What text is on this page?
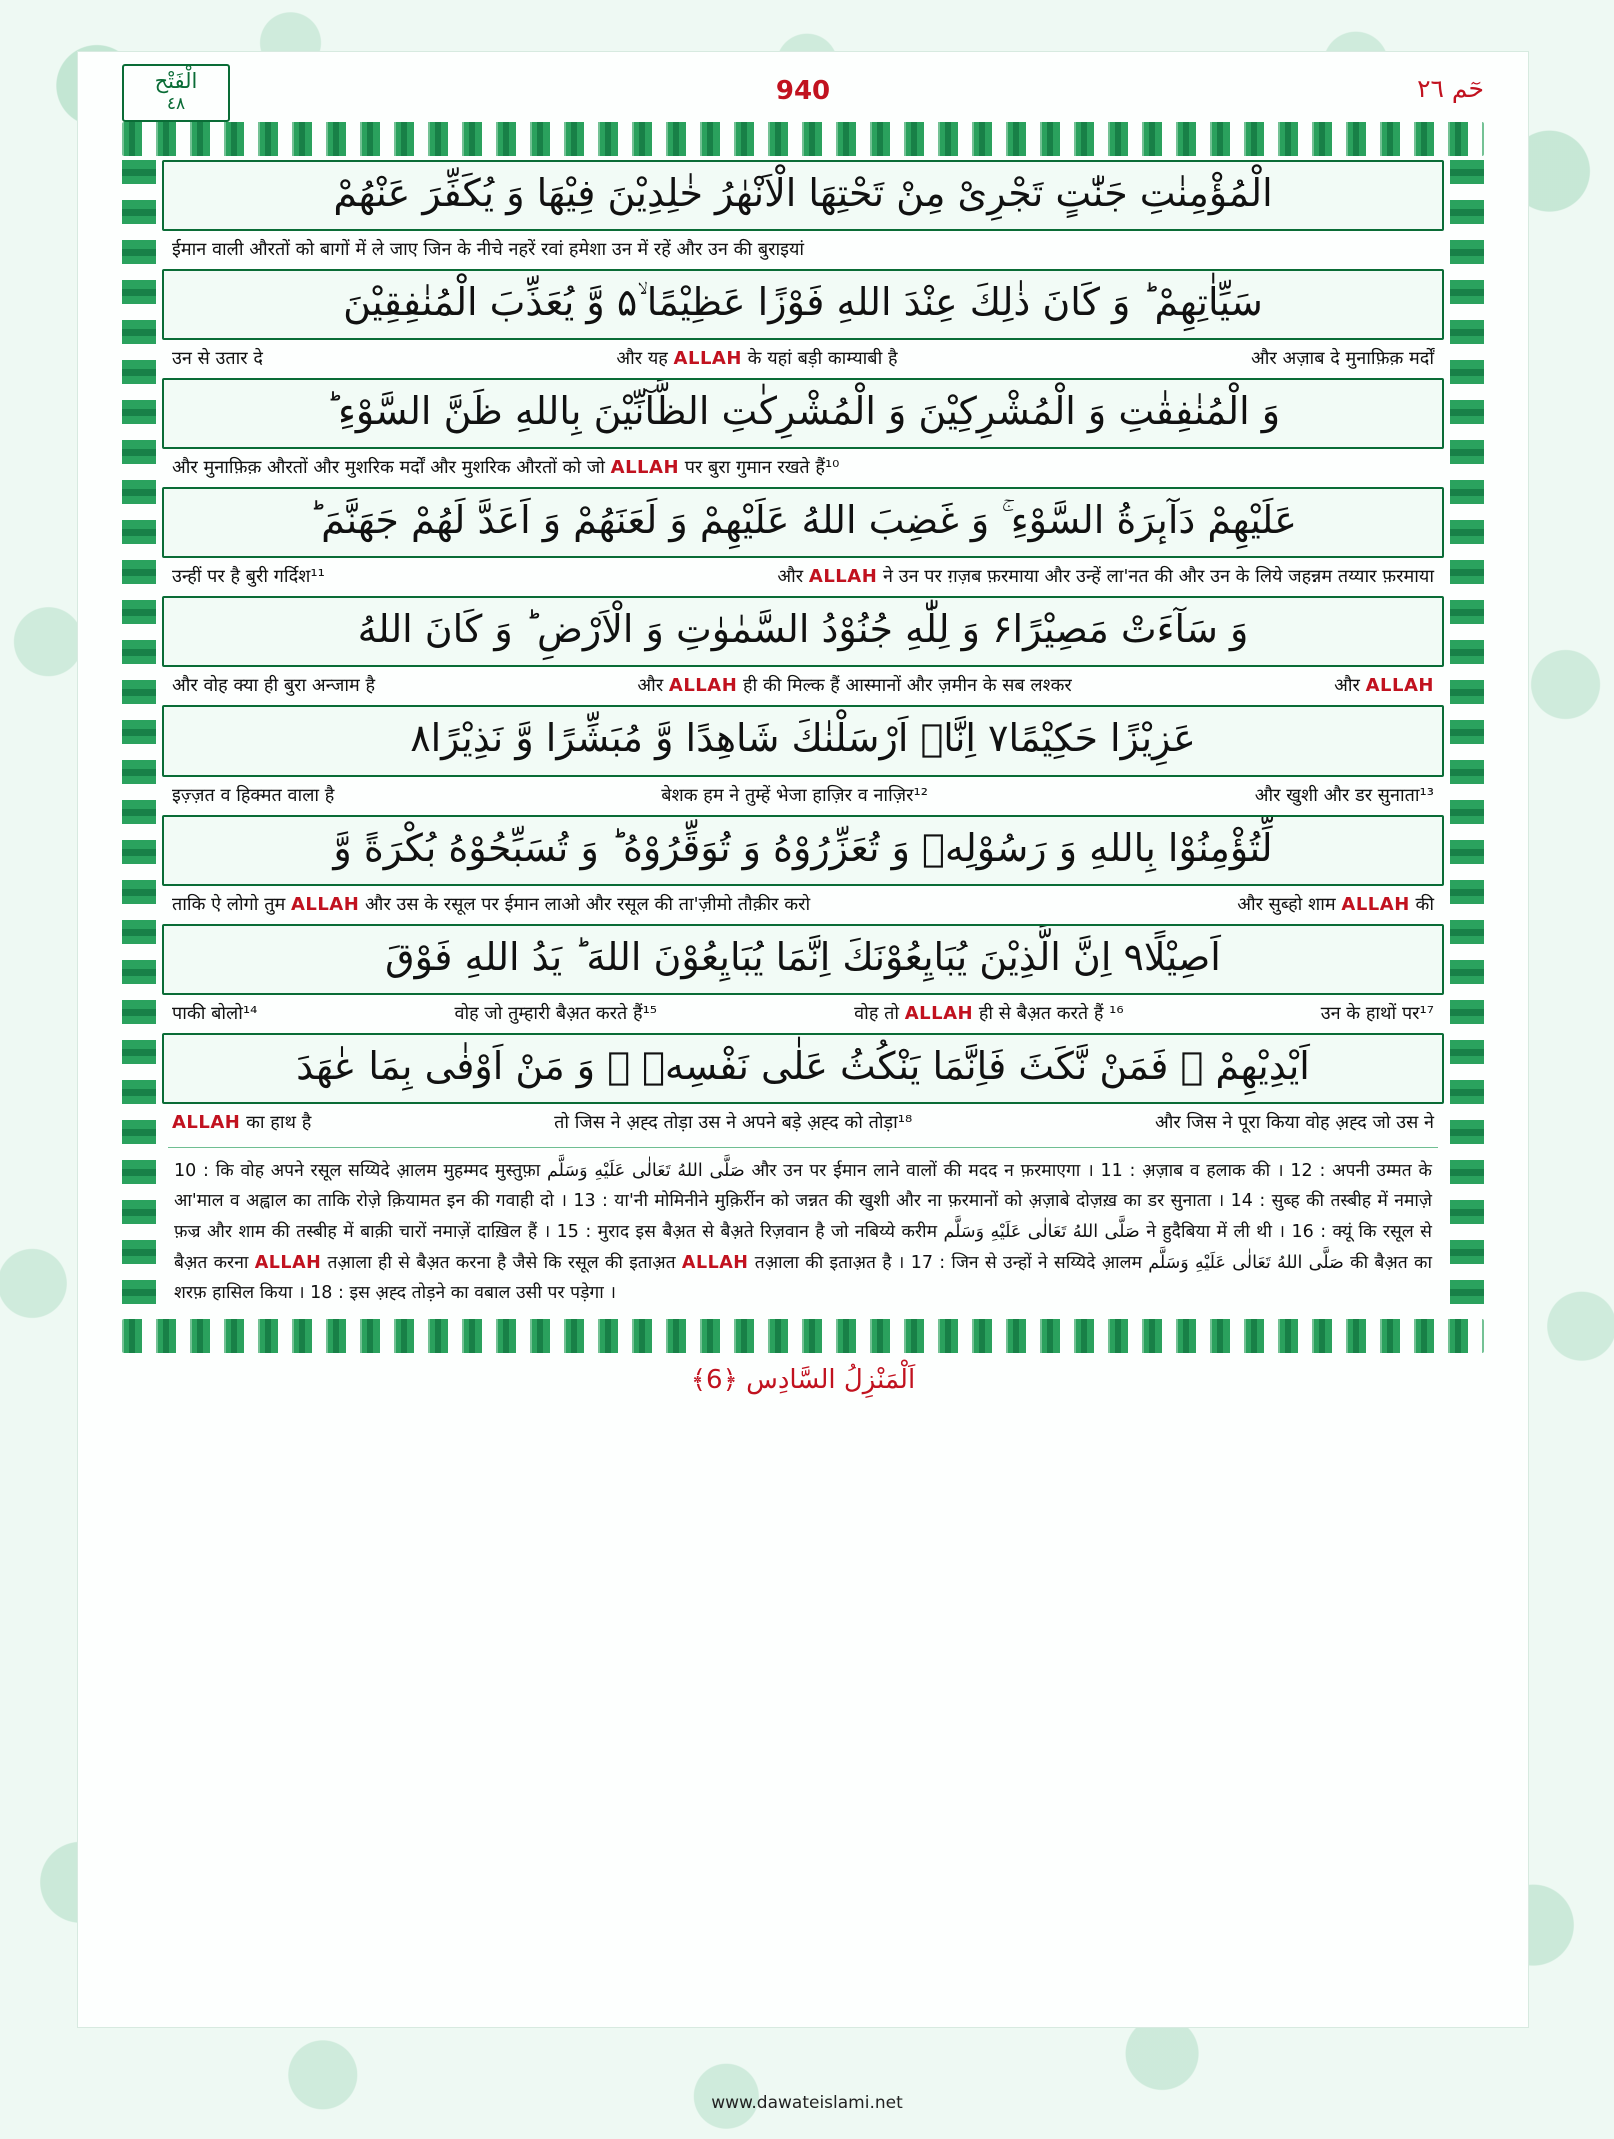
الْفَتْح
٤٨	940	حٓم ٢٦
الْمُؤْمِنٰتِ جَنّٰتٍ تَجْرِیْ مِنْ تَحْتِهَا الْاَنْهٰرُ خٰلِدِیْنَ فِیْهَا وَ یُكَفِّرَ عَنْهُمْ
ईमान वाली औरतों को बागों में ले जाए जिन के नीचे नहरें रवां हमेशा उन में रहें और उन की बुराइयां
سَیِّاٰتِهِمْ ؕ وَ كَانَ ذٰلِكَ عِنْدَ اللهِ فَوْزًا عَظِیْمًا ۙ۵ وَّ یُعَذِّبَ الْمُنٰفِقِیْنَ
उन से उतार दे	और यह ALLAH के यहां बड़ी काम्याबी है	और अज़ाब दे मुनाफ़िक़ मर्दों
وَ الْمُنٰفِقٰتِ وَ الْمُشْرِكِیْنَ وَ الْمُشْرِكٰتِ الظَّآنِّیْنَ بِاللهِ ظَنَّ السَّوْءِ ؕ
और मुनाफ़िक़ औरतों और मुशरिक मर्दों और मुशरिक औरतों को जो ALLAH पर बुरा गुमान रखते हैं¹⁰
عَلَیْهِمْ دَآىٕرَةُ السَّوْءِ ۚ وَ غَضِبَ اللهُ عَلَیْهِمْ وَ لَعَنَهُمْ وَ اَعَدَّ لَهُمْ جَهَنَّمَ ؕ
उन्हीं पर है बुरी गर्दिश¹¹	और ALLAH ने उन पर ग़ज़ब फ़रमाया और उन्हें ला'नत की और उन के लिये जहन्नम तय्यार फ़रमाया
وَ سَآءَتْ مَصِیْرًا۶ وَ لِلّٰهِ جُنُوْدُ السَّمٰوٰتِ وَ الْاَرْضِ ؕ وَ كَانَ اللهُ
और वोह क्या ही बुरा अन्जाम है	और ALLAH ही की मिल्क हैं आस्मानों और ज़मीन के सब लश्कर	और ALLAH
عَزِیْزًا حَكِیْمًا۷ اِنَّاۤ اَرْسَلْنٰكَ شَاهِدًا وَّ مُبَشِّرًا وَّ نَذِیْرًا۸
इज़्ज़त व हिक्मत वाला है	बेशक हम ने तुम्हें भेजा हाज़िर व नाज़िर¹²	और खुशी और डर सुनाता¹³
لِّتُؤْمِنُوْا بِاللهِ وَ رَسُوْلِهٖ وَ تُعَزِّرُوْهُ وَ تُوَقِّرُوْهُ ؕ وَ تُسَبِّحُوْهُ بُكْرَةً وَّ
ताकि ऐ लोगो तुम ALLAH और उस के रसूल पर ईमान लाओ और रसूल की ता'ज़ीमो तौक़ीर करो	और सुब्हो शाम ALLAH की
اَصِیْلًا۹ اِنَّ الَّذِیْنَ یُبَایِعُوْنَكَ اِنَّمَا یُبَایِعُوْنَ اللهَ ؕ یَدُ اللهِ فَوْقَ
पाकी बोलो¹⁴	वोह जो तुम्हारी बैअ़त करते हैं¹⁵	वोह तो ALLAH ही से बैअ़त करते हैं ¹⁶	उन के हाथों पर¹⁷
اَیْدِیْهِمْ ۚ فَمَنْ نَّكَثَ فَاِنَّمَا یَنْكُثُ عَلٰى نَفْسِهٖ ۚ وَ مَنْ اَوْفٰى بِمَا عٰهَدَ
ALLAH का हाथ है	तो जिस ने अ़ह्द तोड़ा उस ने अपने बड़े अ़ह्द को तोड़ा¹⁸	और जिस ने पूरा किया वोह अ़ह्द जो उस ने
10 : कि वोह अपने रसूल सय्यिदे आ़लम मुहम्मद मुस्तुफ़ा صَلَّى اللهُ تَعَالٰى عَلَيْهِ وَسَلَّم और उन पर ईमान लाने वालों की मदद न फ़रमाएगा । 11 : अ़ज़ाब व हलाक की । 12 : अपनी उम्मत के आ'माल व अह्वाल का ताकि रोज़े क़ियामत इन की गवाही दो । 13 : या'नी मोमिनीने मुक़िर्रीन को जन्नत की खुशी और ना फ़रमानों को अ़ज़ाबे दोज़ख़ का डर सुनाता । 14 : सुब्ह की तस्बीह में नमाज़े फ़ज्र और शाम की तस्बीह में बाक़ी चारों नमाज़ें दाख़िल हैं । 15 : मुराद इस बैअ़त से बैअ़ते रिज़वान है जो नबिय्ये करीम صَلَّى اللهُ تَعَالٰى عَلَيْهِ وَسَلَّم ने हुदैबिया में ली थी । 16 : क्यूं कि रसूल से बैअ़त करना ALLAH तआ़ला ही से बैअ़त करना है जैसे कि रसूल की इताअ़त ALLAH तआ़ला की इताअ़त है । 17 : जिन से उन्हों ने सय्यिदे आ़लम صَلَّى اللهُ تَعَالٰى عَلَيْهِ وَسَلَّم की बैअ़त का शरफ़ हासिल किया । 18 : इस अ़ह्द तोड़ने का वबाल उसी पर पड़ेगा ।
اَلْمَنْزِلُ السَّادِس ﴿6﴾
www.dawateislami.net
